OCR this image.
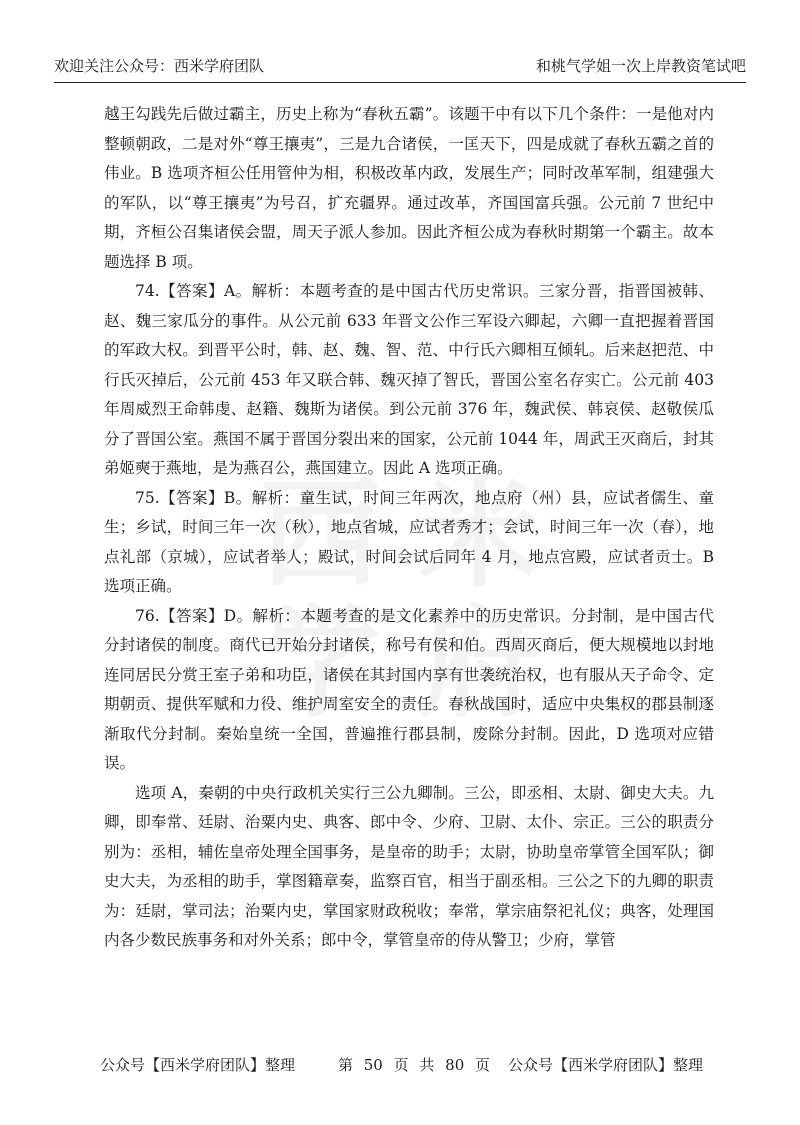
欢迎关注公众号：西米学府团队	和桃气学姐一次上岸教资笔试吧
西 米
学 府

越王勾践先后做过霸主，历史上称为“春秋五霸”。该题干中有以下几个条件：一是他对内整顿朝政，二是对外“尊王攘夷”，三是九合诸侯，一匡天下，四是成就了春秋五霸之首的伟业。B 选项齐桓公任用管仲为相，积极改革内政，发展生产；同时改革军制，组建强大的军队，以“尊王攘夷”为号召，扩充疆界。通过改革，齐国国富兵强。公元前 7 世纪中期，齐桓公召集诸侯会盟，周天子派人参加。因此齐桓公成为春秋时期第一个霸主。故本题选择 B 项。

74.【答案】A。解析：本题考查的是中国古代历史常识。三家分晋，指晋国被韩、赵、魏三家瓜分的事件。从公元前 633 年晋文公作三军设六卿起，六卿一直把握着晋国的军政大权。到晋平公时，韩、赵、魏、智、范、中行氏六卿相互倾轧。后来赵把范、中行氏灭掉后，公元前 453 年又联合韩、魏灭掉了智氏，晋国公室名存实亡。公元前 403 年周威烈王命韩虔、赵籍、魏斯为诸侯。到公元前 376 年，魏武侯、韩哀侯、赵敬侯瓜分了晋国公室。燕国不属于晋国分裂出来的国家，公元前 1044 年，周武王灭商后，封其弟姬奭于燕地，是为燕召公，燕国建立。因此 A 选项正确。

75.【答案】B。解析：童生试，时间三年两次，地点府（州）县，应试者儒生、童生；乡试，时间三年一次（秋），地点省城，应试者秀才；会试，时间三年一次（春），地点礼部（京城），应试者举人；殿试，时间会试后同年 4 月，地点宫殿，应试者贡士。B 选项正确。

76.【答案】D。解析：本题考查的是文化素养中的历史常识。分封制，是中国古代分封诸侯的制度。商代已开始分封诸侯，称号有侯和伯。西周灭商后，便大规模地以封地连同居民分赏王室子弟和功臣，诸侯在其封国内享有世袭统治权，也有服从天子命令、定期朝贡、提供军赋和力役、维护周室安全的责任。春秋战国时，适应中央集权的郡县制逐渐取代分封制。秦始皇统一全国，普遍推行郡县制，废除分封制。因此，D 选项对应错误。

选项 A，秦朝的中央行政机关实行三公九卿制。三公，即丞相、太尉、御史大夫。九卿，即奉常、廷尉、治粟内史、典客、郎中令、少府、卫尉、太仆、宗正。三公的职责分别为：丞相，辅佐皇帝处理全国事务，是皇帝的助手；太尉，协助皇帝掌管全国军队；御史大夫，为丞相的助手，掌图籍章奏，监察百官，相当于副丞相。三公之下的九卿的职责为：廷尉，掌司法；治粟内史，掌国家财政税收；奉常，掌宗庙祭祀礼仪；典客，处理国内各少数民族事务和对外关系；郎中令，掌管皇帝的侍从警卫；少府，掌管

公众号【西米学府团队】整理	第 50 页 共 80 页 公众号【西米学府团队】整理
